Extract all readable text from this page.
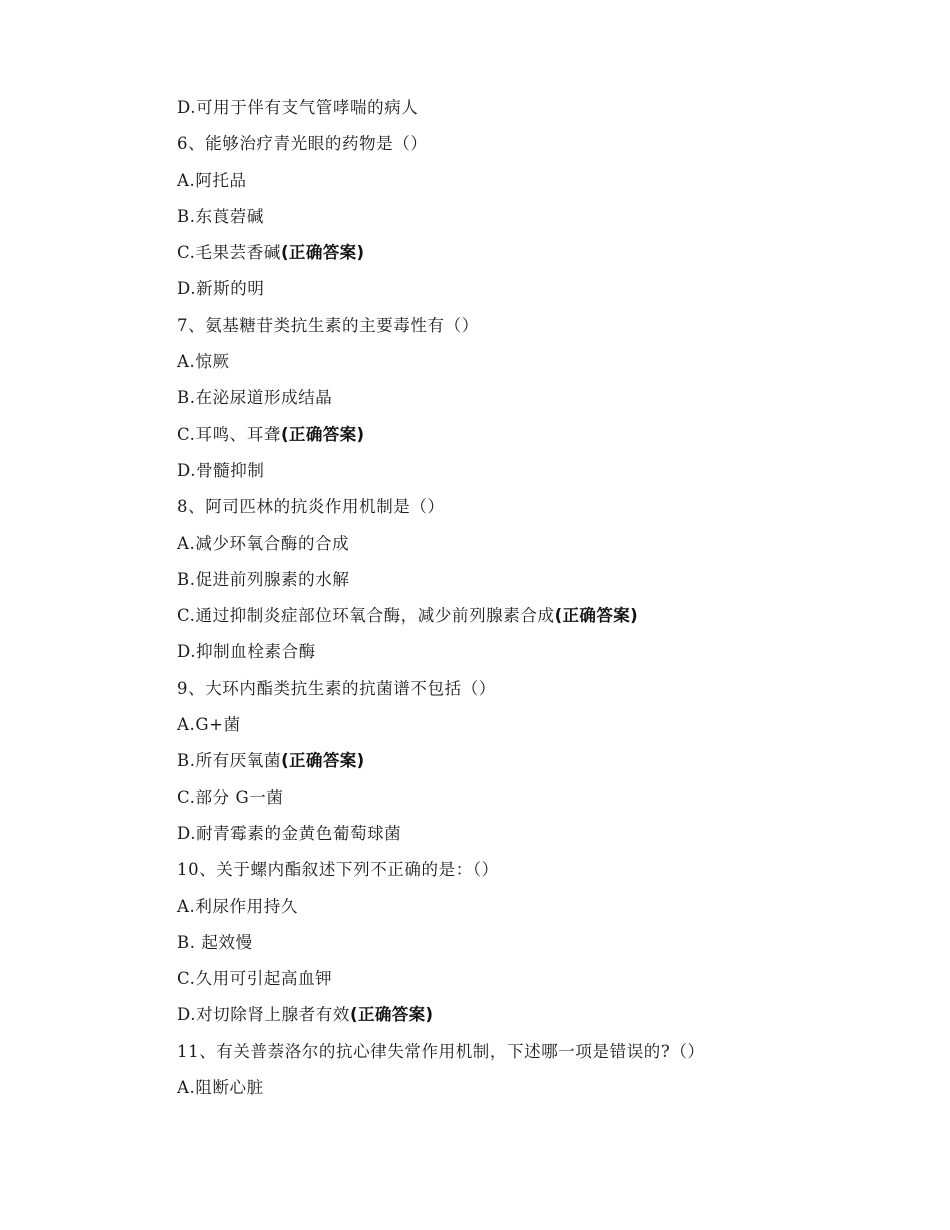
D.可用于伴有支气管哮喘的病人
6、能够治疗青光眼的药物是（）
A.阿托品
B.东莨菪碱
C.毛果芸香碱(正确答案)
D.新斯的明
7、氨基糖苷类抗生素的主要毒性有（）
A.惊厥
B.在泌尿道形成结晶
C.耳鸣、耳聋(正确答案)
D.骨髓抑制
8、阿司匹林的抗炎作用机制是（）
A.减少环氧合酶的合成
B.促进前列腺素的水解
C.通过抑制炎症部位环氧合酶，减少前列腺素合成(正确答案)
D.抑制血栓素合酶
9、大环内酯类抗生素的抗菌谱不包括（）
A.G+菌
B.所有厌氧菌(正确答案)
C.部分 G一菌
D.耐青霉素的金黄色葡萄球菌
10、关于螺内酯叙述下列不正确的是：（）
A.利尿作用持久
B. 起效慢
C.久用可引起高血钾
D.对切除肾上腺者有效(正确答案)
11、有关普萘洛尔的抗心律失常作用机制，下述哪一项是错误的?（）
A.阻断心脏
